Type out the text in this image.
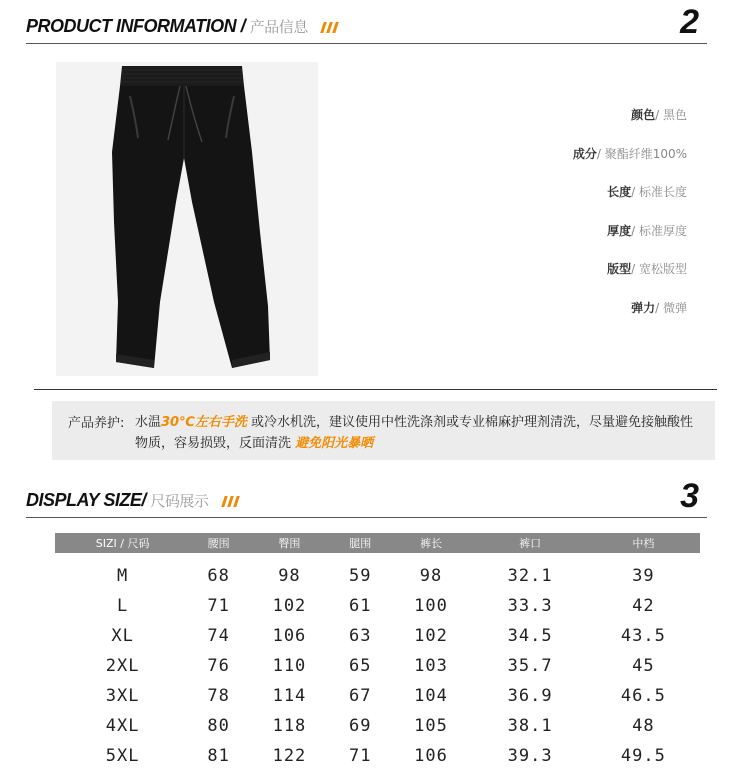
PRODUCT INFORMATION / 产品信息	2
颜色/ 黑色
成分/ 聚酯纤维100%
长度/ 标准长度
厚度/ 标准厚度
版型/ 宽松版型
弹力/ 微弹
产品养护: 水温30℃左右手洗 或冷水机洗，建议使用中性洗涤剂或专业棉麻护理剂清洗，尽量避免接触酸性物质，容易损毁，反面清洗 避免阳光暴晒
DISPLAY SIZE/ 尺码展示	3
SIZI / 尺码	腰围	臀围	腿围	裤长	裤口	中档
M	68	98	59	98	32.1	39
L	71	102	61	100	33.3	42
XL	74	106	63	102	34.5	43.5
2XL	76	110	65	103	35.7	45
3XL	78	114	67	104	36.9	46.5
4XL	80	118	69	105	38.1	48
5XL	81	122	71	106	39.3	49.5
